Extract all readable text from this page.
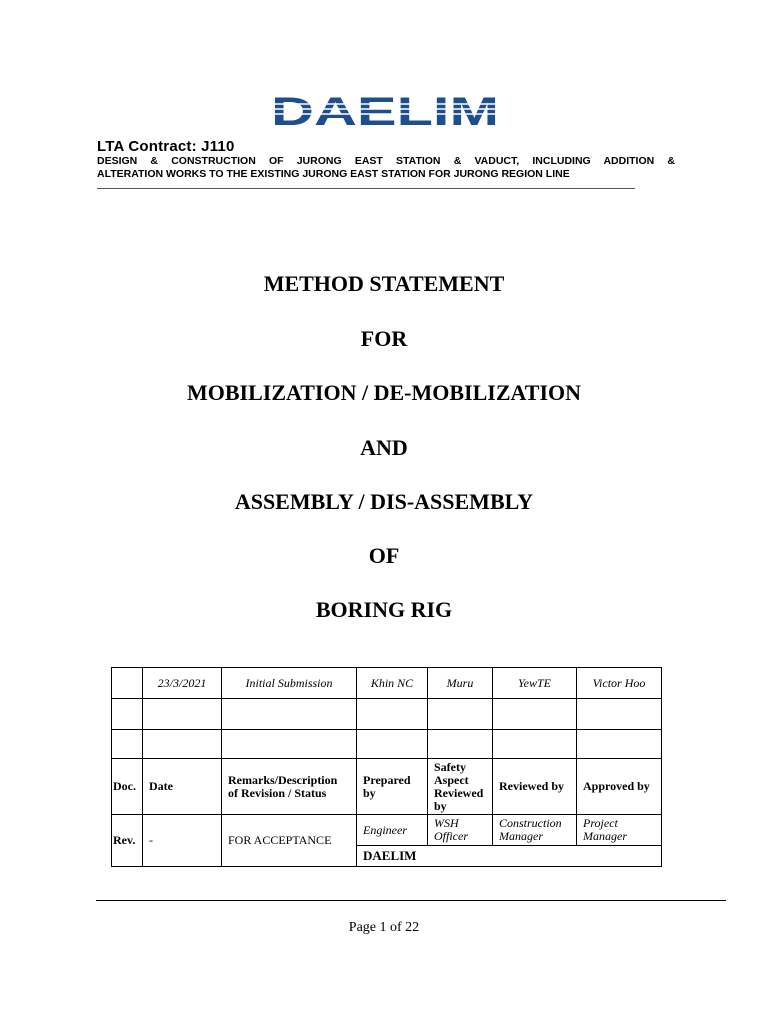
DAELIM
LTA Contract: J110
DESIGN & CONSTRUCTION OF JURONG EAST STATION & VADUCT, INCLUDING ADDITION &
ALTERATION WORKS TO THE EXISTING JURONG EAST STATION FOR JURONG REGION LINE
METHOD STATEMENT
FOR
MOBILIZATION / DE-MOBILIZATION
AND
ASSEMBLY / DIS-ASSEMBLY
OF
BORING RIG
	23/3/2021	Initial Submission	Khin NC	Muru	YewTE	Victor Hoo

Doc.	Date	Remarks/Description of Revision / Status	Prepared by	Safety Aspect Reviewed by	Reviewed by	Approved by
Rev.	-	FOR ACCEPTANCE	Engineer	WSH Officer	Construction Manager	Project Manager
			DAELIM			
Page 1 of 22
